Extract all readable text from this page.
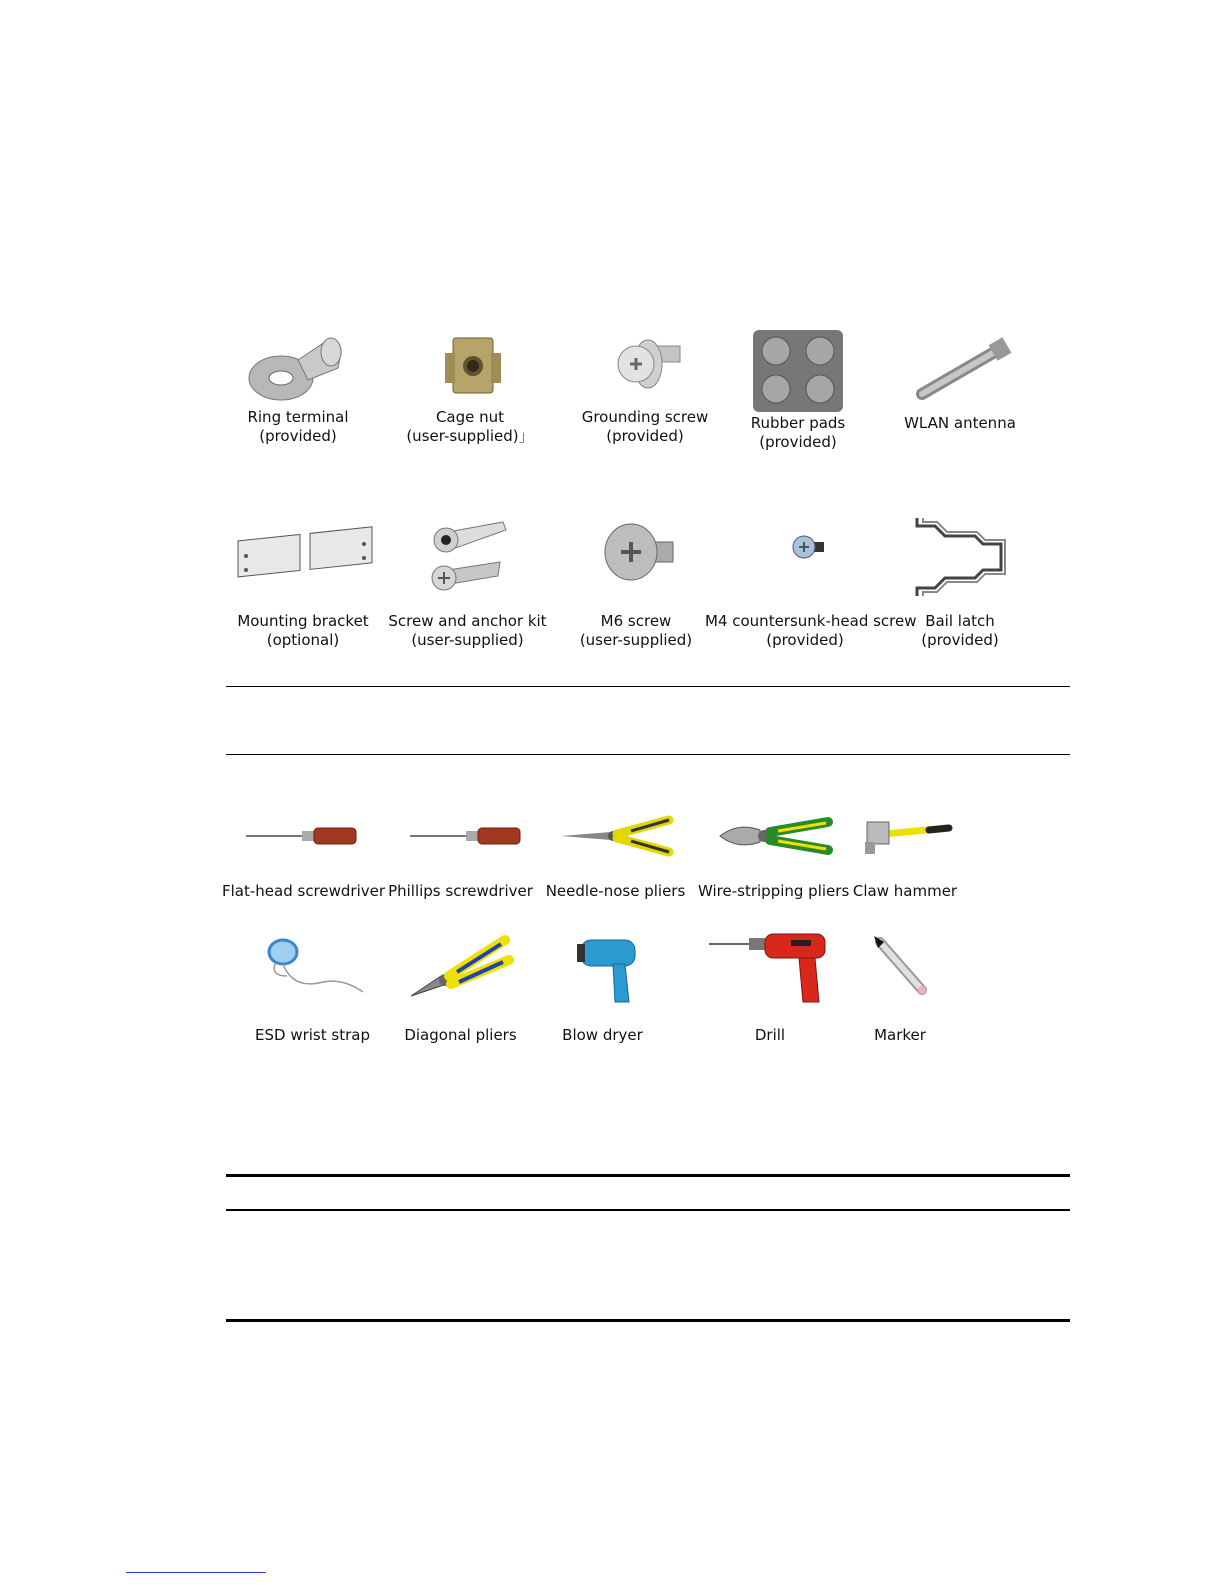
Ring terminal
(provided)
Cage nut
(user-supplied)」
Grounding screw
(provided)
Rubber pads
(provided)
WLAN antenna
Mounting bracket
(optional)
Screw and anchor kit
(user-supplied)
M6 screw
(user-supplied)
M4 countersunk-head screw
(provided)
Bail latch
(provided)
Flat-head screwdriver Phillips screwdriver Needle-nose pliers Wire-stripping pliers Claw hammer
ESD wrist strap	Diagonal pliers	Blow dryer	Drill	Marker
